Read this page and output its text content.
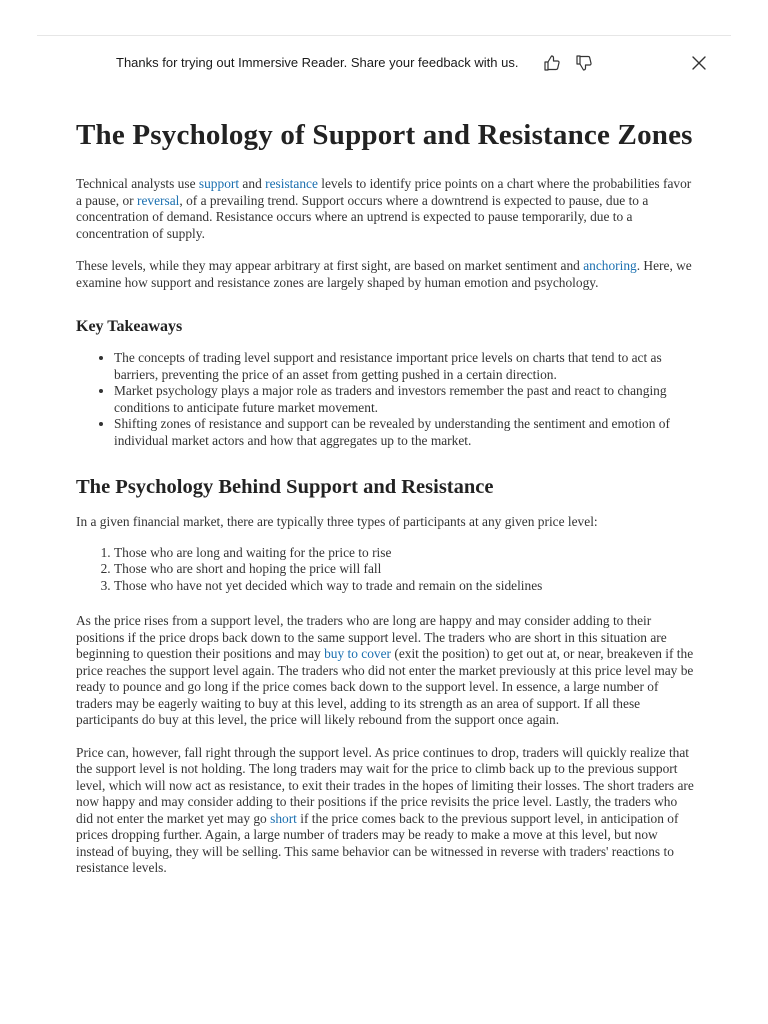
Thanks for trying out Immersive Reader. Share your feedback with us.
The Psychology of Support and Resistance Zones

Technical analysts use support and resistance levels to identify price points on a chart where the probabilities favor a pause, or reversal, of a prevailing trend. Support occurs where a downtrend is expected to pause, due to a concentration of demand. Resistance occurs where an uptrend is expected to pause temporarily, due to a concentration of supply.

These levels, while they may appear arbitrary at first sight, are based on market sentiment and anchoring. Here, we examine how support and resistance zones are largely shaped by human emotion and psychology.

Key Takeaways
• The concepts of trading level support and resistance important price levels on charts that tend to act as barriers, preventing the price of an asset from getting pushed in a certain direction.
• Market psychology plays a major role as traders and investors remember the past and react to changing conditions to anticipate future market movement.
• Shifting zones of resistance and support can be revealed by understanding the sentiment and emotion of individual market actors and how that aggregates up to the market.
The Psychology Behind Support and Resistance

In a given financial market, there are typically three types of participants at any given price level:

1. Those who are long and waiting for the price to rise
2. Those who are short and hoping the price will fall
3. Those who have not yet decided which way to trade and remain on the sidelines

As the price rises from a support level, the traders who are long are happy and may consider adding to their positions if the price drops back down to the same support level. The traders who are short in this situation are beginning to question their positions and may buy to cover (exit the position) to get out at, or near, breakeven if the price reaches the support level again. The traders who did not enter the market previously at this price level may be ready to pounce and go long if the price comes back down to the support level. In essence, a large number of traders may be eagerly waiting to buy at this level, adding to its strength as an area of support. If all these participants do buy at this level, the price will likely rebound from the support once again.

Price can, however, fall right through the support level. As price continues to drop, traders will quickly realize that the support level is not holding. The long traders may wait for the price to climb back up to the previous support level, which will now act as resistance, to exit their trades in the hopes of limiting their losses. The short traders are now happy and may consider adding to their positions if the price revisits the price level. Lastly, the traders who did not enter the market yet may go short if the price comes back to the previous support level, in anticipation of prices dropping further. Again, a large number of traders may be ready to make a move at this level, but now instead of buying, they will be selling. This same behavior can be witnessed in reverse with traders' reactions to resistance levels.
